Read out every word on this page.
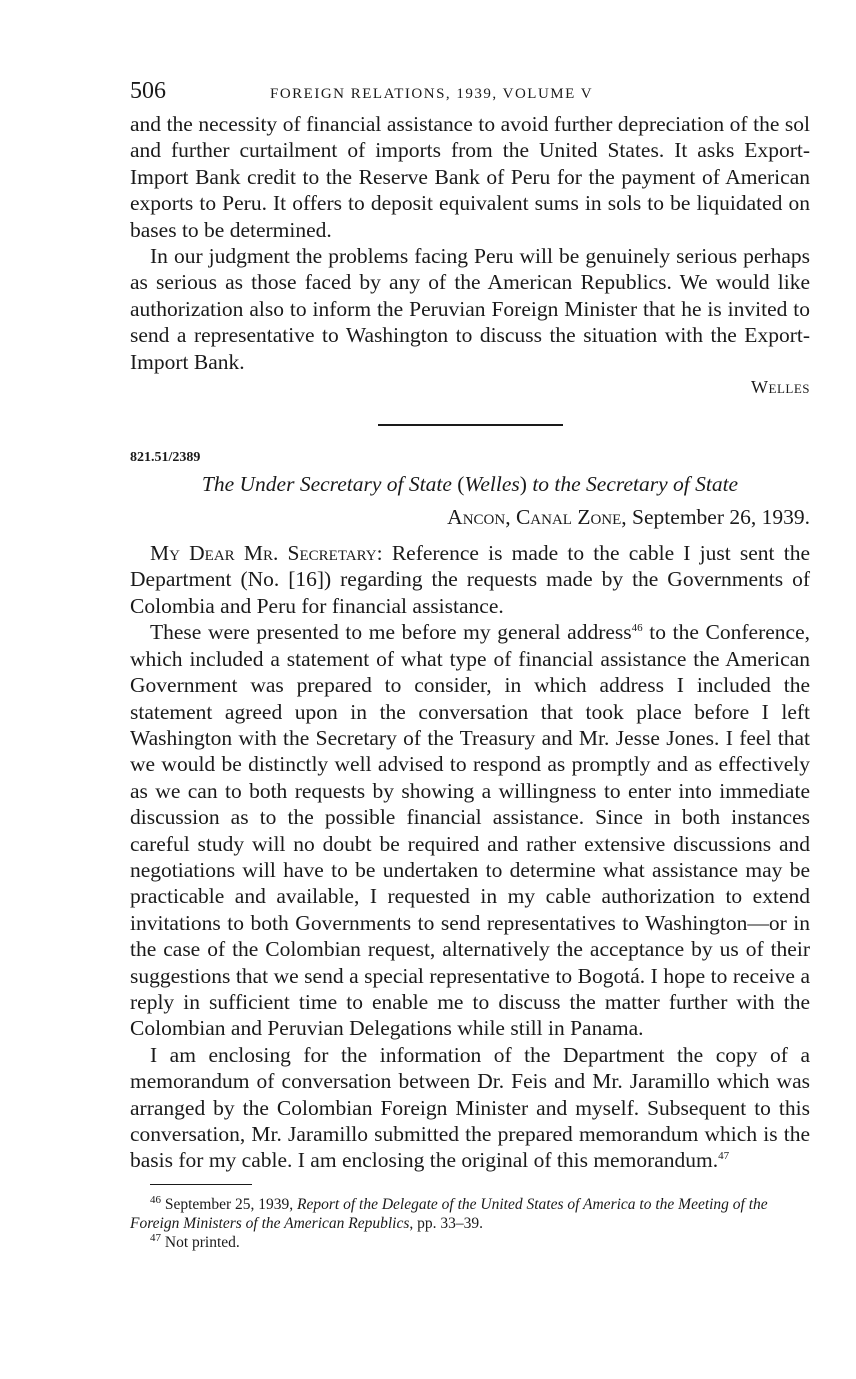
506	FOREIGN RELATIONS, 1939, VOLUME V

and the necessity of financial assistance to avoid further depreciation of the sol and further curtailment of imports from the United States. It asks Export-Import Bank credit to the Reserve Bank of Peru for the payment of American exports to Peru. It offers to deposit equivalent sums in sols to be liquidated on bases to be determined.

In our judgment the problems facing Peru will be genuinely serious perhaps as serious as those faced by any of the American Republics. We would like authorization also to inform the Peruvian Foreign Minister that he is invited to send a representative to Washington to discuss the situation with the Export-Import Bank.

Welles
821.51/2389
The Under Secretary of State (Welles) to the Secretary of State
Ancon, Canal Zone, September 26, 1939.

My Dear Mr. Secretary: Reference is made to the cable I just sent the Department (No. [16]) regarding the requests made by the Governments of Colombia and Peru for financial assistance.

These were presented to me before my general address$^{46}$ to the Conference, which included a statement of what type of financial assistance the American Government was prepared to consider, in which address I included the statement agreed upon in the conversation that took place before I left Washington with the Secretary of the Treasury and Mr. Jesse Jones. I feel that we would be distinctly well advised to respond as promptly and as effectively as we can to both requests by showing a willingness to enter into immediate discussion as to the possible financial assistance. Since in both instances careful study will no doubt be required and rather extensive discussions and negotiations will have to be undertaken to determine what assistance may be practicable and available, I requested in my cable authorization to extend invitations to both Governments to send representatives to Washington—or in the case of the Colombian request, alternatively the acceptance by us of their suggestions that we send a special representative to Bogotá. I hope to receive a reply in sufficient time to enable me to discuss the matter further with the Colombian and Peruvian Delegations while still in Panama.

I am enclosing for the information of the Department the copy of a memorandum of conversation between Dr. Feis and Mr. Jaramillo which was arranged by the Colombian Foreign Minister and myself. Subsequent to this conversation, Mr. Jaramillo submitted the prepared memorandum which is the basis for my cable. I am enclosing the original of this memorandum.$^{47}$

$^{46}$ September 25, 1939, Report of the Delegate of the United States of America to the Meeting of the Foreign Ministers of the American Republics, pp. 33–39.
$^{47}$ Not printed.
